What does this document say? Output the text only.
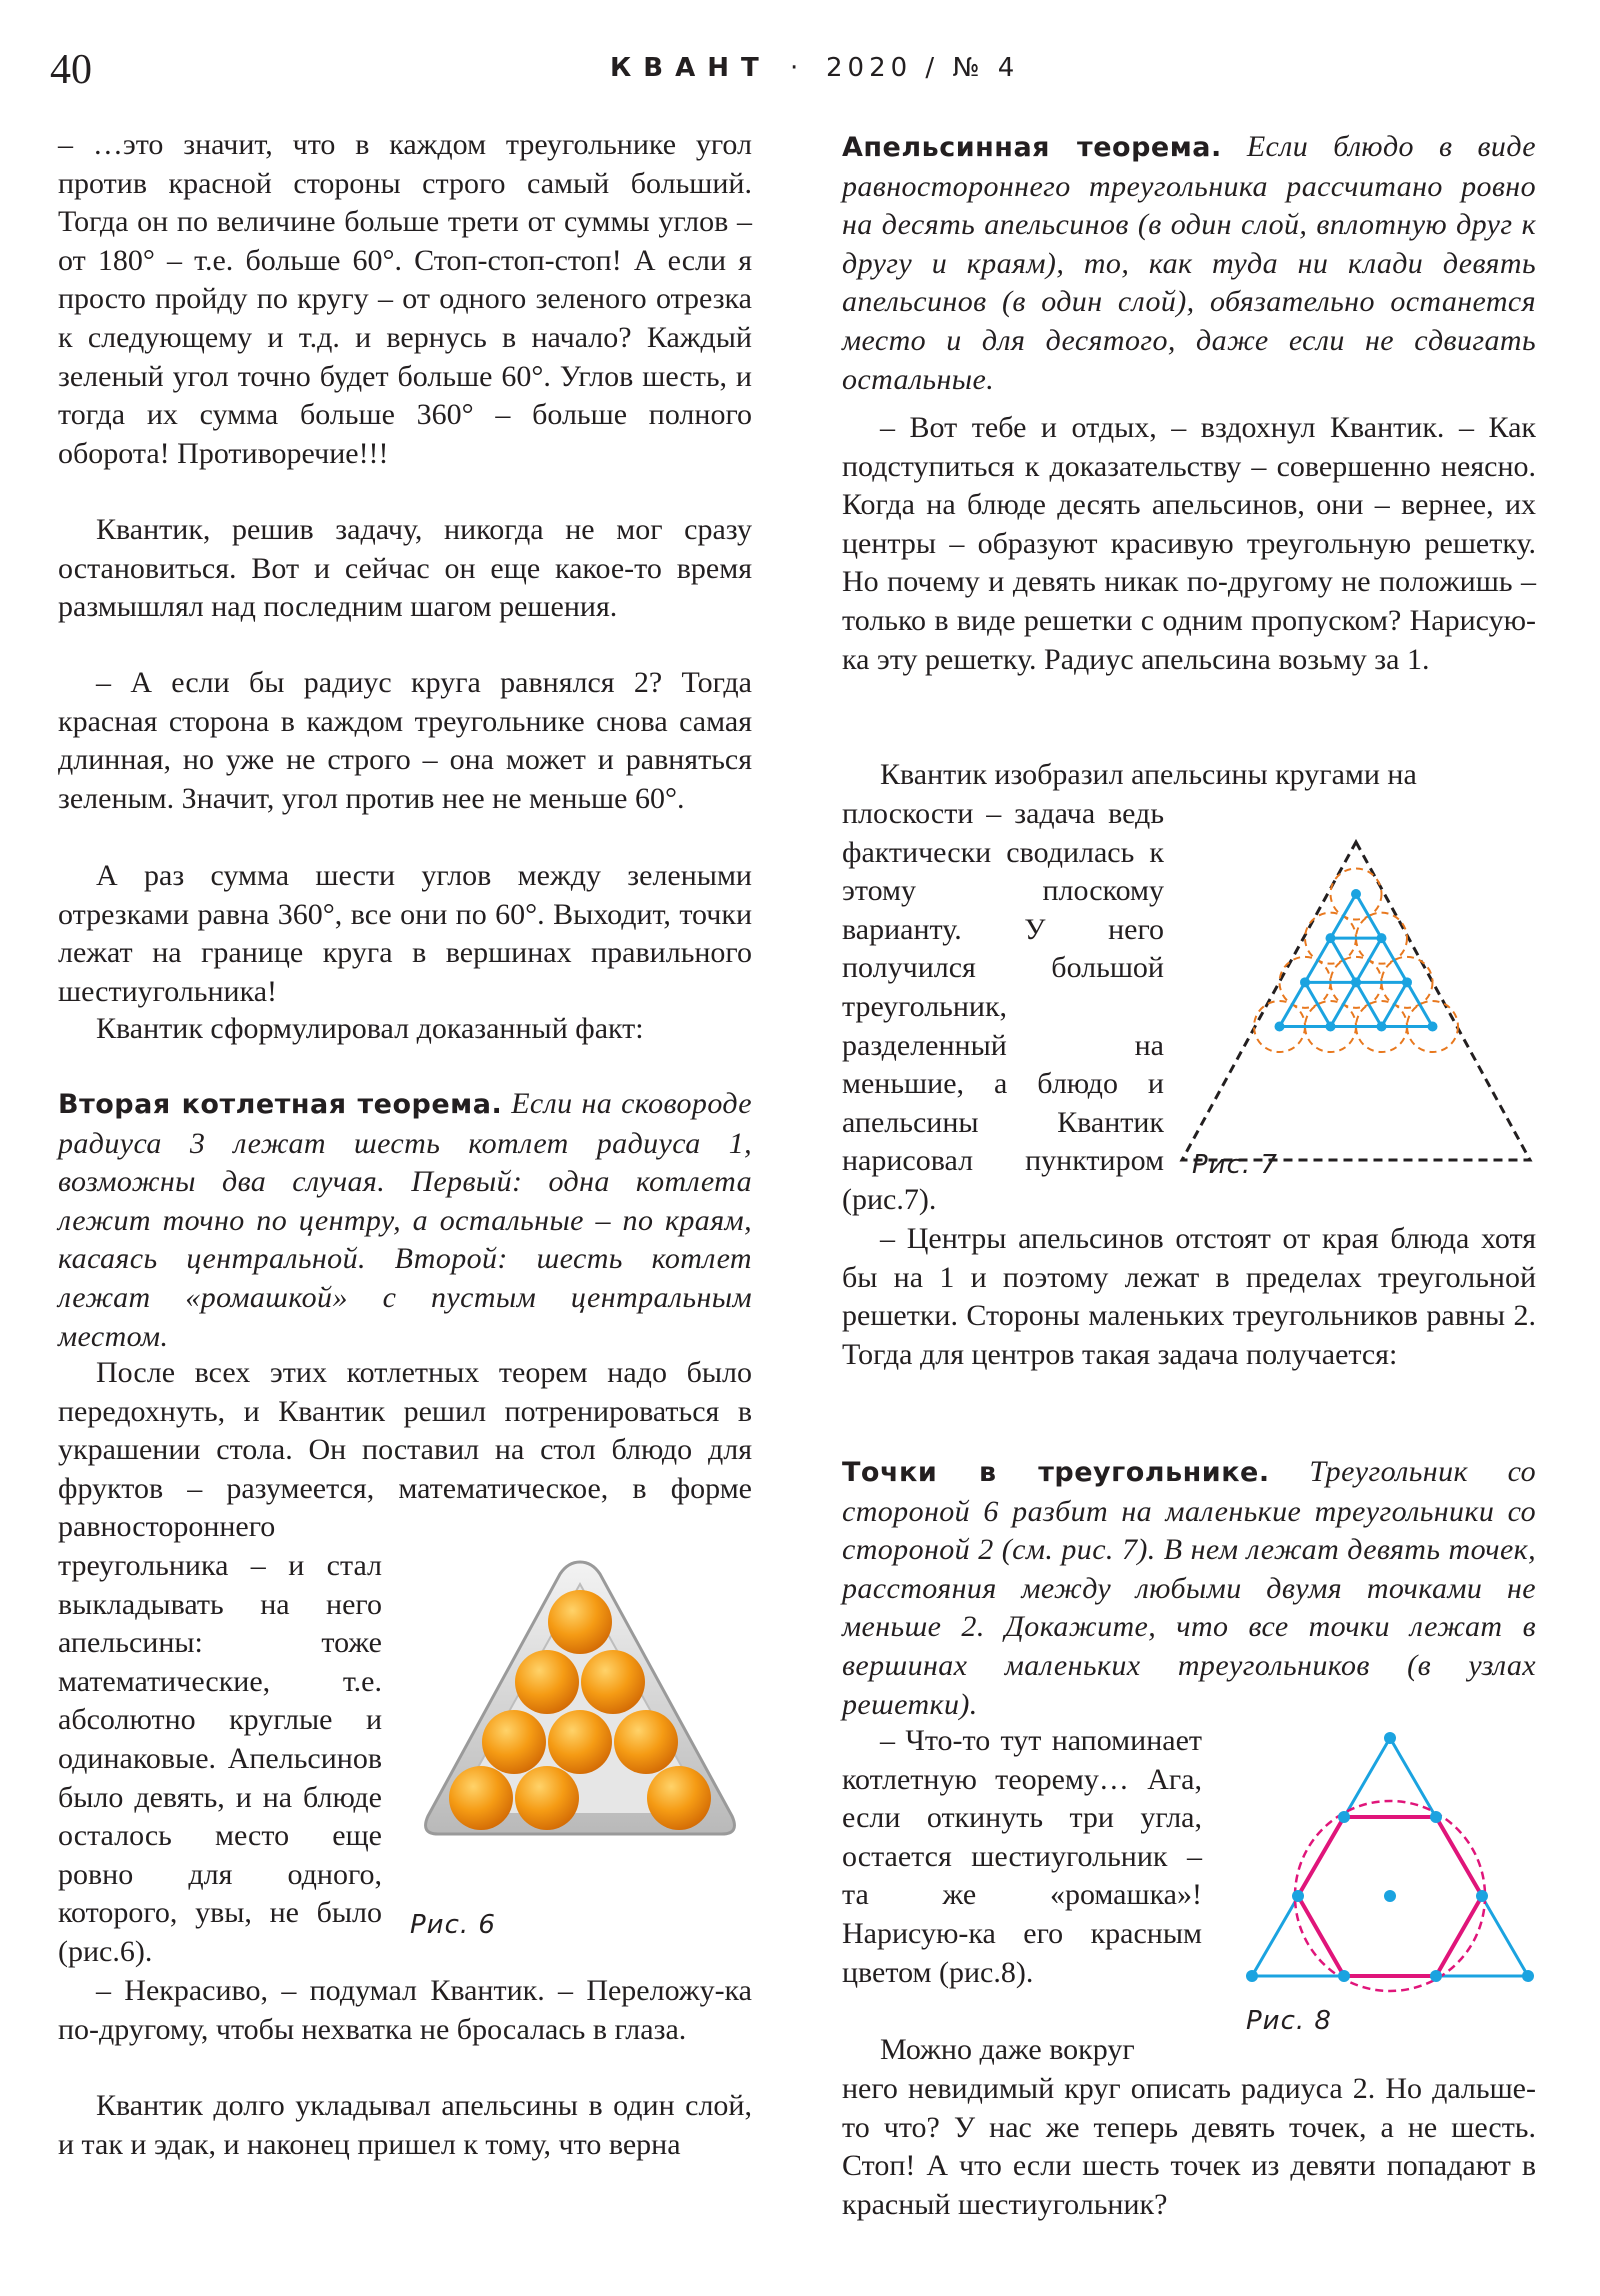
40	КВАНТ · 2020 / № 4

– …это значит, что в каждом треугольнике угол против красной стороны строго самый больший. Тогда он по величине больше трети от суммы углов – от 180° – т.е. больше 60°. Стоп-стоп-стоп! А если я просто пройду по кругу – от одного зеленого отрезка к следующему и т.д. и вернусь в начало? Каждый зеленый угол точно будет больше 60°. Углов шесть, и тогда их сумма больше 360° – больше полного оборота! Противоречие!!!

Квантик, решив задачу, никогда не мог сразу остановиться. Вот и сейчас он еще какое-то время размышлял над последним шагом решения.

– А если бы радиус круга равнялся 2? Тогда красная сторона в каждом треугольнике снова самая длинная, но уже не строго – она может и равняться зеленым. Значит, угол против нее не меньше 60°.

А раз сумма шести углов между зелеными отрезками равна 360°, все они по 60°. Выходит, точки лежат на границе круга в вершинах правильного шестиугольника!

Квантик сформулировал доказанный факт:

Вторая котлетная теорема. Если на сковороде радиуса 3 лежат шесть котлет радиуса 1, возможны два случая. Первый: одна котлета лежит точно по центру, а остальные – по краям, касаясь центральной. Второй: шесть котлет лежат «ромашкой» с пустым центральным местом.

После всех этих котлетных теорем надо было передохнуть, и Квантик решил потренироваться в украшении стола. Он поставил на стол блюдо для фруктов – разумеется, математическое, в форме равностороннего

треугольника – и стал выкладывать на него апельсины: тоже математические, т.е. абсолютно круглые и одинаковые. Апельсинов было девять, и на блюде осталось место еще ровно для одного, которого, увы, не было (рис.6).

– Некрасиво, – подумал Квантик. – Переложу-ка по-другому, чтобы нехватка не бросалась в глаза.

Квантик долго укладывал апельсины в один слой, и так и эдак, и наконец пришел к тому, что верна

Рис. 6

Апельсинная теорема. Если блюдо в виде равностороннего треугольника рассчитано ровно на десять апельсинов (в один слой, вплотную друг к другу и краям), то, как туда ни клади девять апельсинов (в один слой), обязательно останется место и для десятого, даже если не сдвигать остальные.

– Вот тебе и отдых, – вздохнул Квантик. – Как подступиться к доказательству – совершенно неясно. Когда на блюде десять апельсинов, они – вернее, их центры – образуют красивую треугольную решетку. Но почему и девять никак по-другому не положишь – только в виде решетки с одним пропуском? Нарисую-ка эту решетку. Радиус апельсина возьму за 1.

Квантик изобразил апельсины кругами на

плоскости – задача ведь фактически сводилась к этому плоскому варианту. У него получился большой треугольник, разделенный на меньшие, а блюдо и апельсины Квантик нарисовал пунктиром (рис.7).

– Центры апельсинов отстоят от края блюда хотя бы на 1 и поэтому лежат в пределах треугольной решетки. Стороны маленьких треугольников равны 2. Тогда для центров такая задача получается:

Точки в треугольнике. Треугольник со стороной 6 разбит на маленькие треугольники со стороной 2 (см. рис. 7). В нем лежат девять точек, расстояния между любыми двумя точками не меньше 2. Докажите, что все точки лежат в вершинах маленьких треугольников (в узлах решетки).

– Что-то тут напоминает котлетную теорему… Ага, если откинуть три угла, остается шестиугольник – та же «ромашка»! Нарисую-ка его красным цветом (рис.8).

Можно даже вокруг

него невидимый круг описать радиуса 2. Но дальше-то что? У нас же теперь девять точек, а не шесть. Стоп! А что если шесть точек из девяти попадают в красный шестиугольник?

Рис. 7
Рис. 8
